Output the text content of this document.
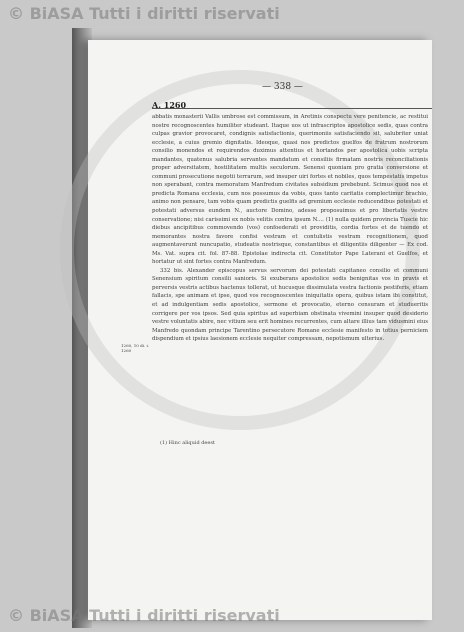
© BiASA Tutti i diritti riservati
© BiASA Tutti i diritti riservati
— 338 —
A. 1260

abbatis monasterii Vallis umbrose est commissum, in Aretinis conspectu vere penitencie, ac restitui nostre recognoscentes humiliter studeant. Itaque uos ut infrascriptos apostolice sedis, quas contra culpas gravior provocaret, condignis satisfactionis, querimoniis satisfaciendo sit, salubriter uniat ecclesie, a cuius gremio dignitatis. Ideoque, quasi nos predictos guelfos de fratrum nostrorum consilio monendos et requirendos duximus attentius et hortandos per apostolica uobis scripta mandantes, quatenus salubria servantes mandatum et consiliis firmatam nostris reconciliationis proper adversitatem, hostilitatem multis seculorum. Senensi quoniam pro gratia conversione et communi prosecutione negotii terrarum, sed insuper uiri fortes et nobiles, quos tempestatis impetus non sperabant, contra memoratum Manfredum civitates subsidium prebebunt. Scimus quod nos et predicta Romana ecclesia, cum nos possumus da vobis, quos tanto caritatis complectimur brachio, animo non pensare, tam vobis quam predictis guelfis ad gremium ecclesie reducendibus potestati et potestati adversus eundem N., auctore Domino, adesse proposuimus et pro libertatis vestre conservatione; nisi carissimi ex nobis velitis contra ipsum N.... (1) nulla quidem provincia Tuscie hic diebus ancipitibus commovendo (vos) confoederati et providitis, cordia fortes et de tuendo et memorantes nostra favore confisi vestram et contulistis vestram recognitionem, quod augmentaverunt nuncupatio, studeatis nostrisque, constantibus et diligentiis diligenter — Ex cod. Ms. Vat. supra cit. fol. 87-88. Epistolae indirecta cit. Constitutor Pape Laterani et Guelfos, et hortatur ut sint fortes contra Manfredum.

332 bis. Alexander episcopus servus servorum dei potestati capitaneo consilio et communi Senensium spiritum consilii sanioris. Si exuberans apostolice sedis benignitas vos in pravis et perversis vestris actibus hactenus tollerat, ut hucusque dissimulata vestra factionis pestiferis, etiam fallacis, spe animam et ipse, quod vos recognoscentes iniquitatis opera, quibus istam ibi constitut, et ad indulgentiam sedis apostolice, sermone et provocatio, eterno censuram et studueritis corrigere per vos ipsos. Sed quia spiritus ad superbiam obstinata vivemini insuper quod desiderio vestre voluntatis abire, nec vitium seu erit homines recurrentes, cum altare illius tam vidusmini eius Manfredo quondam principe Tarentino persecutore Romane ecclesie manifesto in totius perniciem dispendium et ipsius laesionem ecclesie nequiter compressam, nepotismum ulterius.

1260, 10 di. i. 1260
(1) Hinc aliquid deest
